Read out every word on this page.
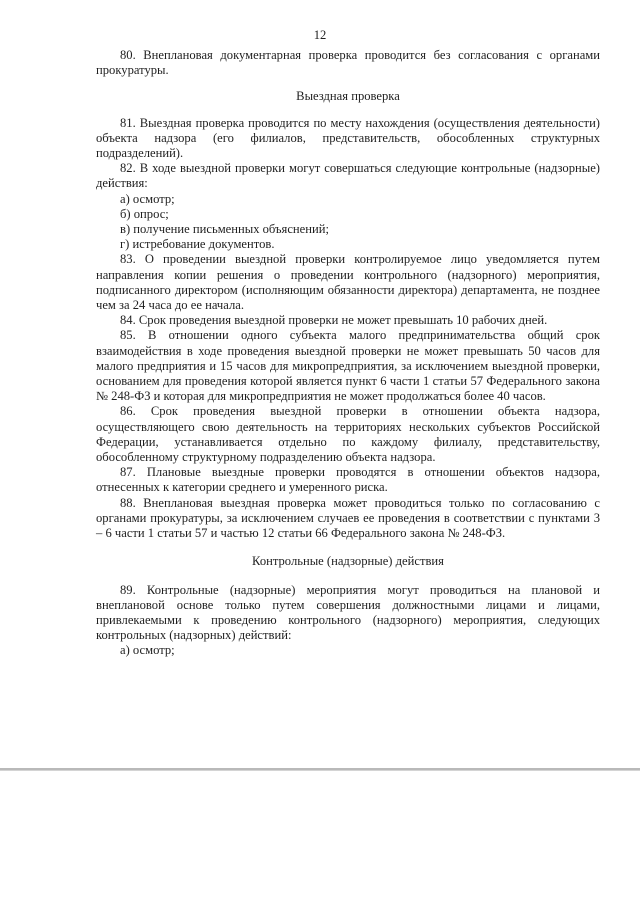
12

80. Внеплановая документарная проверка проводится без согласования с органами прокуратуры.

Выездная проверка

81. Выездная проверка проводится по месту нахождения (осуществления деятельности) объекта надзора (его филиалов, представительств, обособленных структурных подразделений).

82. В ходе выездной проверки могут совершаться следующие контрольные (надзорные) действия:

а) осмотр;

б) опрос;

в) получение письменных объяснений;

г) истребование документов.

83. О проведении выездной проверки контролируемое лицо уведомляется путем направления копии решения о проведении контрольного (надзорного) мероприятия, подписанного директором (исполняющим обязанности директора) департамента, не позднее чем за 24 часа до ее начала.

84. Срок проведения выездной проверки не может превышать 10 рабочих дней.

85. В отношении одного субъекта малого предпринимательства общий срок взаимодействия в ходе проведения выездной проверки не может превышать 50 часов для малого предприятия и 15 часов для микропредприятия, за исключением выездной проверки, основанием для проведения которой является пункт 6 части 1 статьи 57 Федерального закона № 248-ФЗ и которая для микропредприятия не может продолжаться более 40 часов.

86. Срок проведения выездной проверки в отношении объекта надзора, осуществляющего свою деятельность на территориях нескольких субъектов Российской Федерации, устанавливается отдельно по каждому филиалу, представительству, обособленному структурному подразделению объекта надзора.

87. Плановые выездные проверки проводятся в отношении объектов надзора, отнесенных к категории среднего и умеренного риска.

88. Внеплановая выездная проверка может проводиться только по согласованию с органами прокуратуры, за исключением случаев ее проведения в соответствии с пунктами 3 – 6 части 1 статьи 57 и частью 12 статьи 66 Федерального закона № 248-ФЗ.

Контрольные (надзорные) действия

89. Контрольные (надзорные) мероприятия могут проводиться на плановой и внеплановой основе только путем совершения должностными лицами и лицами, привлекаемыми к проведению контрольного (надзорного) мероприятия, следующих контрольных (надзорных) действий:

а) осмотр;
